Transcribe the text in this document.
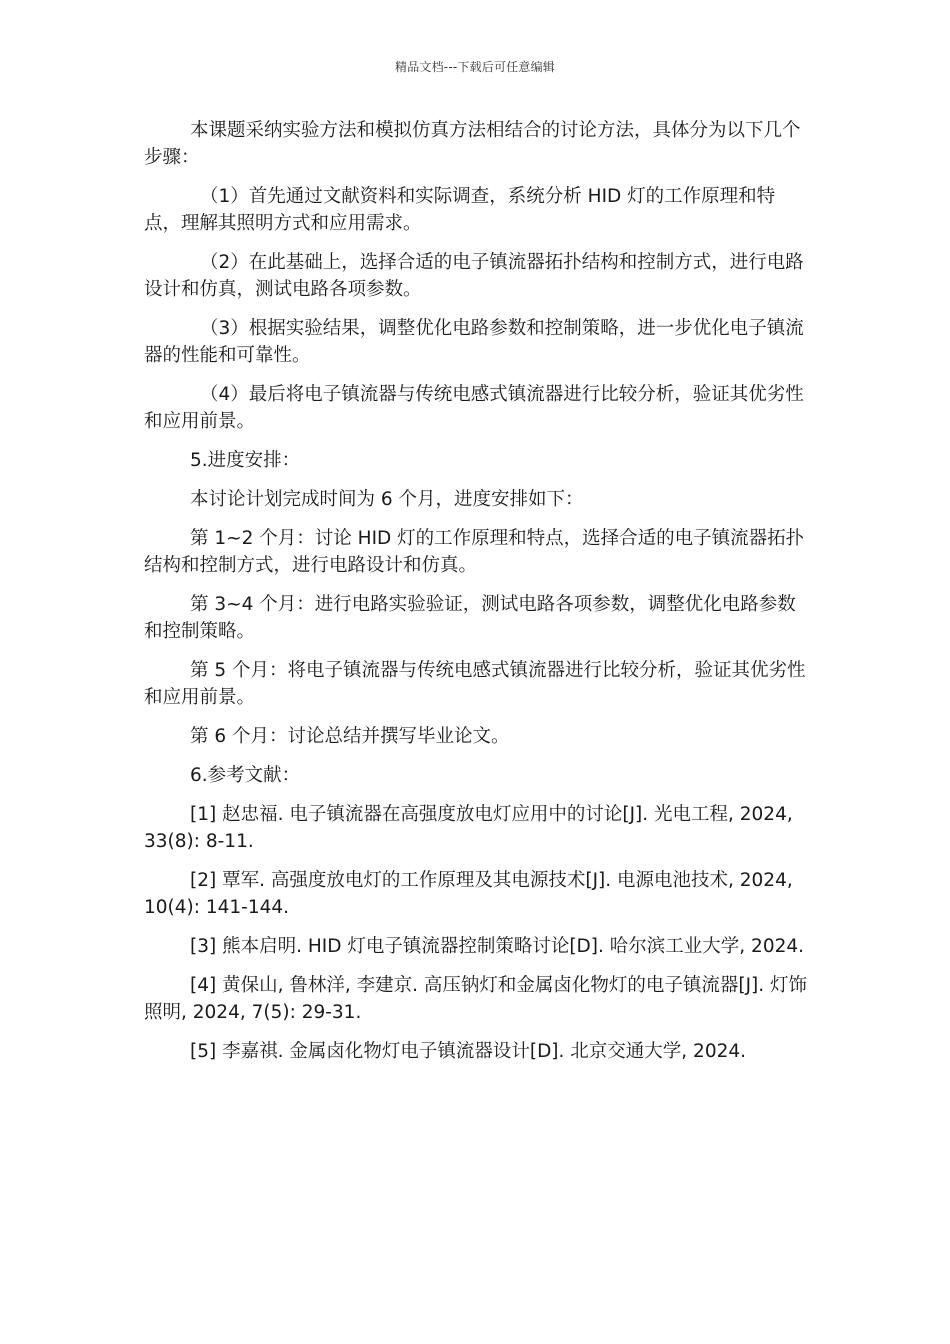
精品文档---下载后可任意编辑

本课题采纳实验方法和模拟仿真方法相结合的讨论方法，具体分为以下几个步骤：

（1）首先通过文献资料和实际调查，系统分析 HID 灯的工作原理和特点，理解其照明方式和应用需求。

（2）在此基础上，选择合适的电子镇流器拓扑结构和控制方式，进行电路设计和仿真，测试电路各项参数。

（3）根据实验结果，调整优化电路参数和控制策略，进一步优化电子镇流器的性能和可靠性。

（4）最后将电子镇流器与传统电感式镇流器进行比较分析，验证其优劣性和应用前景。

5.进度安排：

本讨论计划完成时间为 6 个月，进度安排如下：

第 1~2 个月：讨论 HID 灯的工作原理和特点，选择合适的电子镇流器拓扑结构和控制方式，进行电路设计和仿真。

第 3~4 个月：进行电路实验验证，测试电路各项参数，调整优化电路参数和控制策略。

第 5 个月：将电子镇流器与传统电感式镇流器进行比较分析，验证其优劣性和应用前景。

第 6 个月：讨论总结并撰写毕业论文。

6.参考文献：

[1] 赵忠福. 电子镇流器在高强度放电灯应用中的讨论[J]. 光电工程, 2024, 33(8): 8-11.

[2] 覃军. 高强度放电灯的工作原理及其电源技术[J]. 电源电池技术, 2024, 10(4): 141-144.

[3] 熊本启明. HID 灯电子镇流器控制策略讨论[D]. 哈尔滨工业大学, 2024.

[4] 黄保山, 鲁林洋, 李建京. 高压钠灯和金属卤化物灯的电子镇流器[J]. 灯饰照明, 2024, 7(5): 29-31.

[5] 李嘉祺. 金属卤化物灯电子镇流器设计[D]. 北京交通大学, 2024.
